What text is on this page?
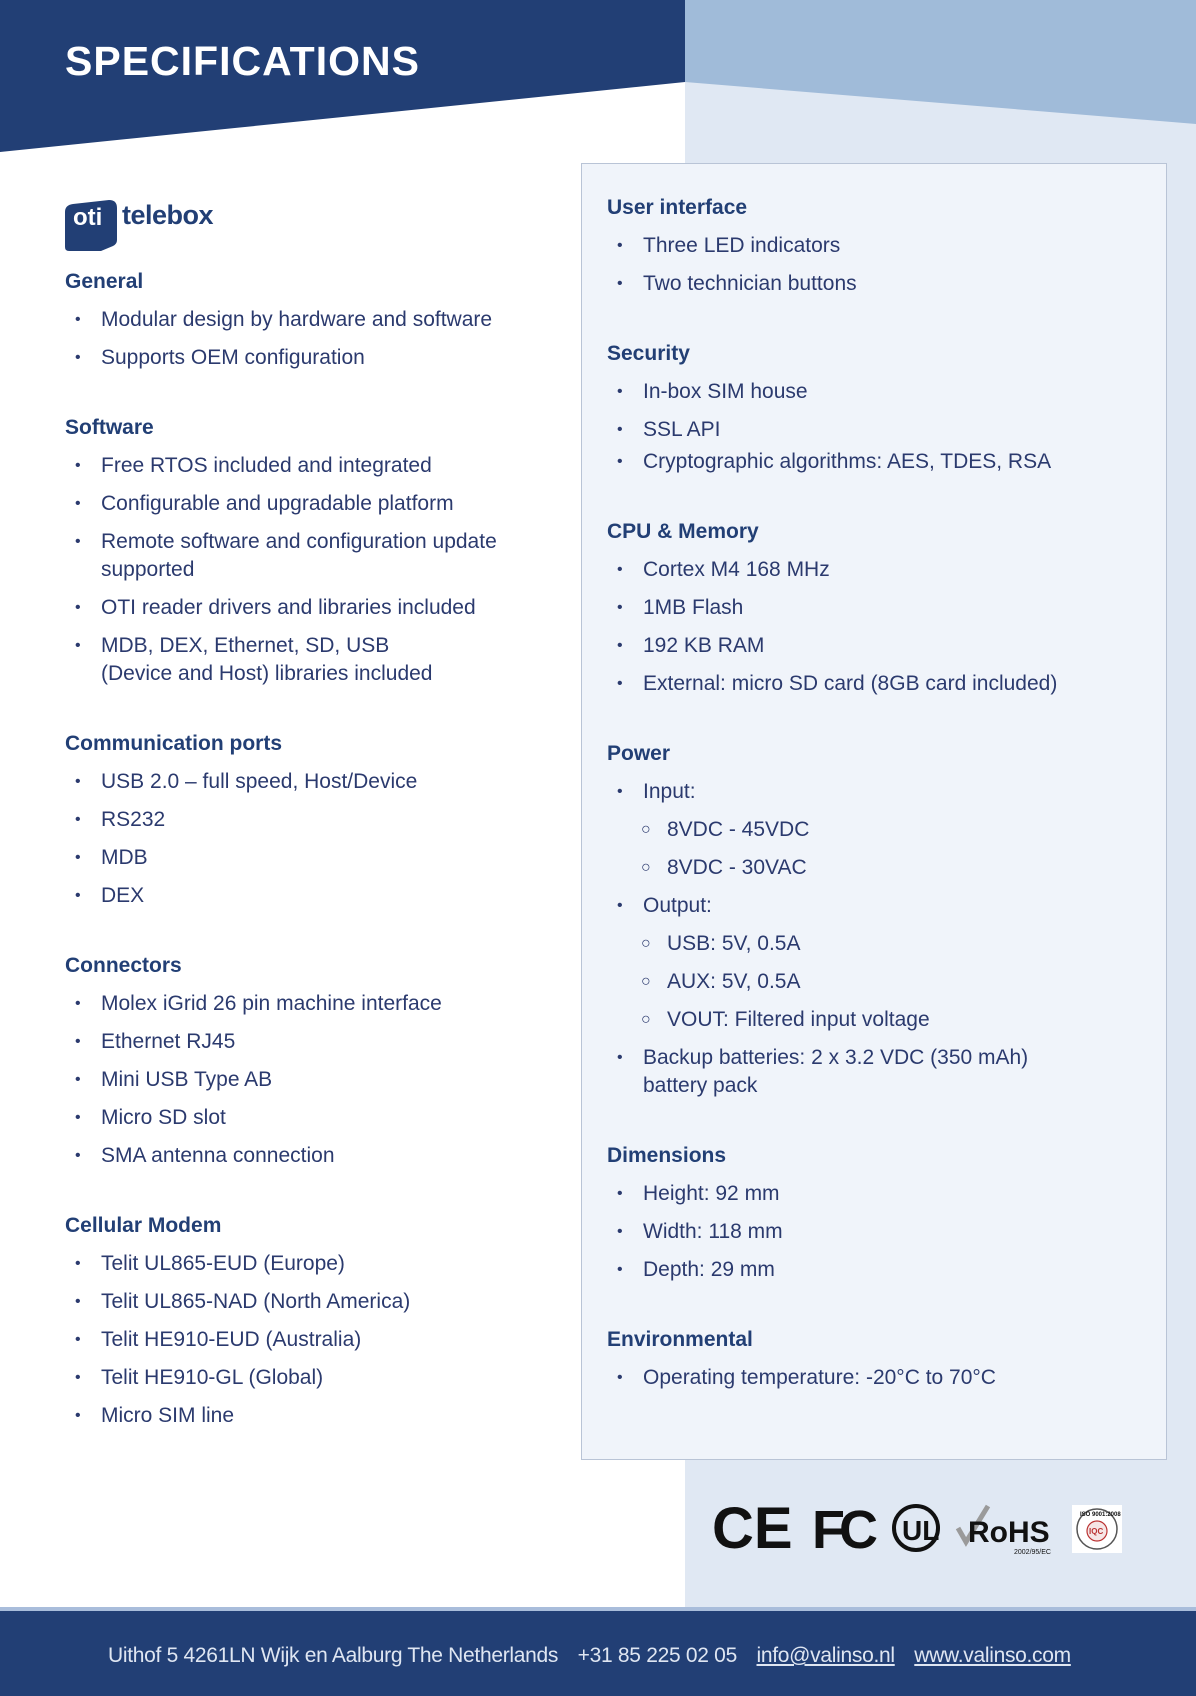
SPECIFICATIONS
oti telebox
General
• Modular design by hardware and software
• Supports OEM configuration
Software
• Free RTOS included and integrated
• Configurable and upgradable platform
• Remote software and configuration update supported
• OTI reader drivers and libraries included
• MDB, DEX, Ethernet, SD, USB (Device and Host) libraries included
Communication ports
• USB 2.0 – full speed, Host/Device
• RS232
• MDB
• DEX
Connectors
• Molex iGrid 26 pin machine interface
• Ethernet RJ45
• Mini USB Type AB
• Micro SD slot
• SMA antenna connection
Cellular Modem
• Telit UL865-EUD (Europe)
• Telit UL865-NAD (North America)
• Telit HE910-EUD (Australia)
• Telit HE910-GL (Global)
• Micro SIM line
User interface
• Three LED indicators
• Two technician buttons
Security
• In-box SIM house
• SSL API
• Cryptographic algorithms: AES, TDES, RSA
CPU & Memory
• Cortex M4 168 MHz
• 1MB Flash
• 192 KB RAM
• External: micro SD card (8GB card included)
Power
• Input:
○ 8VDC - 45VDC
○ 8VDC - 30VAC
• Output:
○ USB: 5V, 0.5A
○ AUX: 5V, 0.5A
○ VOUT: Filtered input voltage
• Backup batteries: 2 x 3.2 VDC (350 mAh) battery pack
Dimensions
• Height: 92 mm
• Width: 118 mm
• Depth: 29 mm
Environmental
• Operating temperature: -20°C to 70°C
CE FC UL RoHS
2002/95/EC
ISO 9001:2008
IQC
Uithof 5 4261LN Wijk en Aalburg The Netherlands +31 85 225 02 05 info@valinso.nl www.valinso.com
